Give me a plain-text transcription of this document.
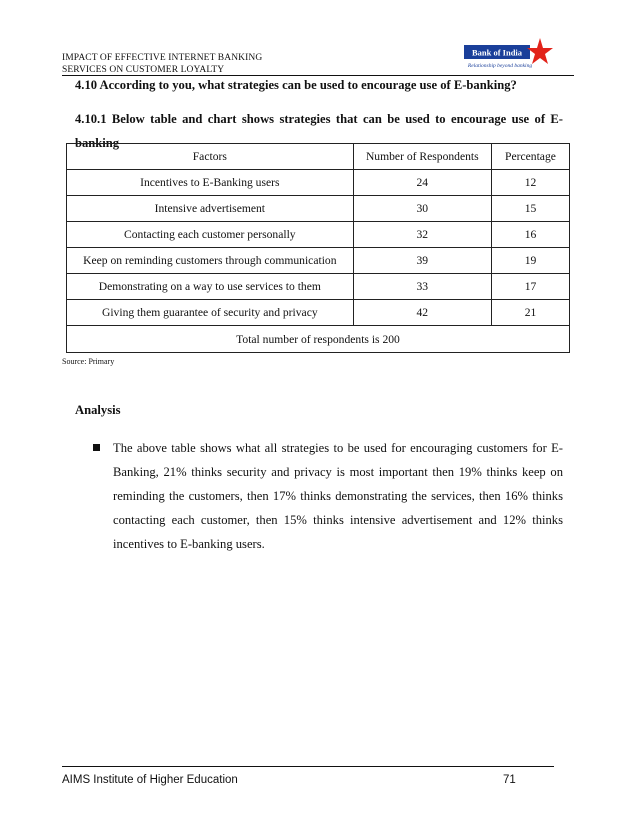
IMPACT OF EFFECTIVE INTERNET BANKING
SERVICES ON CUSTOMER LOYALTY
Bank of India
Relationship beyond banking
4.10 According to you, what strategies can be used to encourage use of E-banking?
4.10.1 Below table and chart shows strategies that can be used to encourage use of E-banking
Factors	Number of Respondents	Percentage
Incentives to E-Banking users	24	12
Intensive advertisement	30	15
Contacting each customer personally	32	16
Keep on reminding customers through communication	39	19
Demonstrating on a way to use services to them	33	17
Giving them guarantee of security and privacy	42	21
Total number of respondents is 200		
Source: Primary
Analysis
The above table shows what all strategies to be used for encouraging customers for E-Banking, 21% thinks security and privacy is most important then 19% thinks keep on reminding the customers, then 17% thinks demonstrating the services, then 16% thinks contacting each customer, then 15% thinks intensive advertisement and 12% thinks incentives to E-banking users.
AIMS Institute of Higher Education	71
